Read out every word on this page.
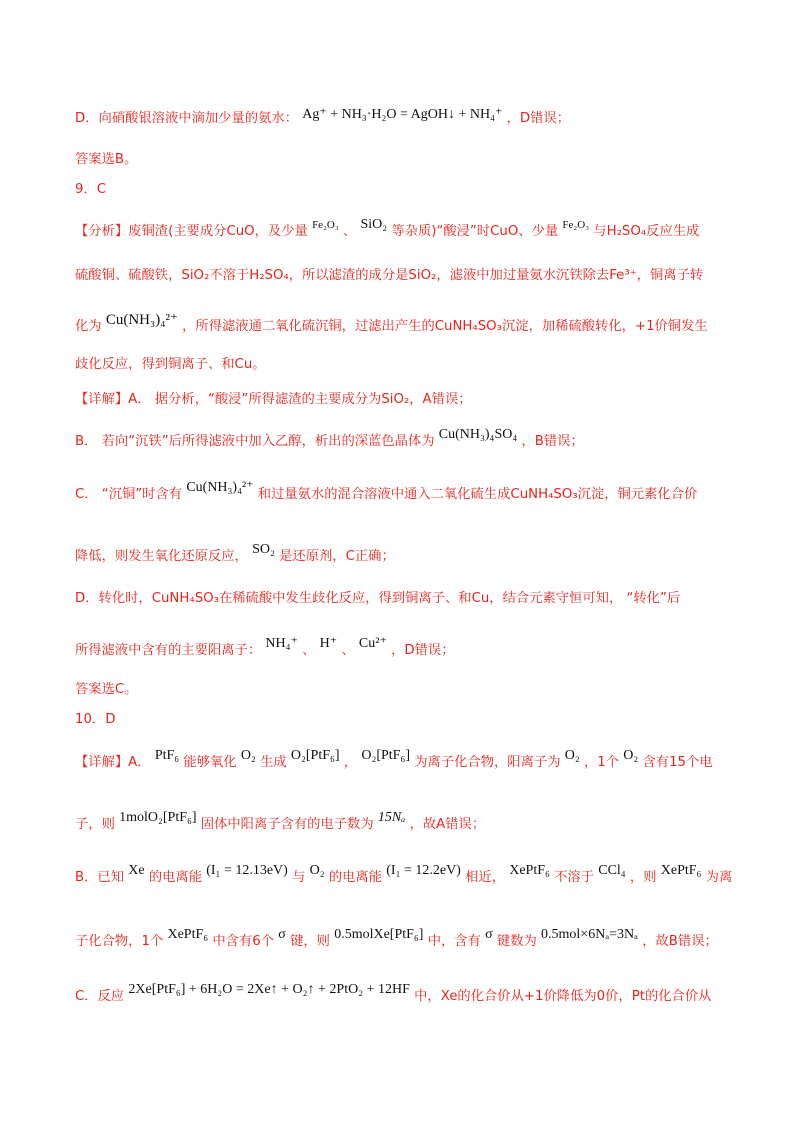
D．向硝酸银溶液中滴加少量的氨水： Ag⁺ + NH₃·H₂O = AgOH↓ + NH₄⁺ ，D错误；
答案选B。
9．C
【分析】废铜渣(主要成分CuO，及少量 $^{Fe_2O_3}$ 、 SiO₂ 等杂质)“酸浸”时CuO、少量 $^{Fe_2O_3}$ 与H₂SO₄反应生成
硫酸铜、硫酸铁，SiO₂不溶于H₂SO₄，所以滤渣的成分是SiO₂，滤液中加过量氨水沉铁除去Fe³⁺，铜离子转
化为 Cu(NH₃)₄²⁺ ，所得滤液通二氧化硫沉铜，过滤出产生的CuNH₄SO₃沉淀，加稀硫酸转化，+1价铜发生
歧化反应，得到铜离子、和Cu。
【详解】A． 据分析，“酸浸”所得滤渣的主要成分为SiO₂，A错误；
B． 若向“沉铁”后所得滤液中加入乙醇，析出的深蓝色晶体为 Cu(NH₃)₄SO₄ ，B错误；
C． “沉铜”时含有 Cu(NH₃)₄²⁺ 和过量氨水的混合溶液中通入二氧化硫生成CuNH₄SO₃沉淀，铜元素化合价
降低，则发生氧化还原反应， SO₂ 是还原剂，C正确；
D．转化时，CuNH₄SO₃在稀硫酸中发生歧化反应，得到铜离子、和Cu，结合元素守恒可知， “转化”后
所得滤液中含有的主要阳离子： NH₄⁺ 、 H⁺ 、 Cu²⁺ ，D错误；
答案选C。
10．D
【详解】A． PtF₆ 能够氧化 O₂ 生成 O₂[PtF₆] ， O₂[PtF₆] 为离子化合物，阳离子为 O₂ ，1个 O₂ 含有15个电
子，则 1molO₂[PtF₆] 固体中阳离子含有的电子数为 15Nₐ ，故A错误；
B．已知 Xe 的电离能 (I₁ = 12.13eV) 与 O₂ 的电离能 (I₁ = 12.2eV) 相近， XePtF₆ 不溶于 CCl₄ ，则 XePtF₆ 为离
子化合物，1个 XePtF₆ 中含有6个 σ 键，则 0.5molXe[PtF₆] 中，含有 σ 键数为 0.5mol×6Nₐ=3Nₐ ，故B错误；
C．反应 2Xe[PtF₆] + 6H₂O = 2Xe↑ + O₂↑ + 2PtO₂ + 12HF 中，Xe的化合价从+1价降低为0价，Pt的化合价从
